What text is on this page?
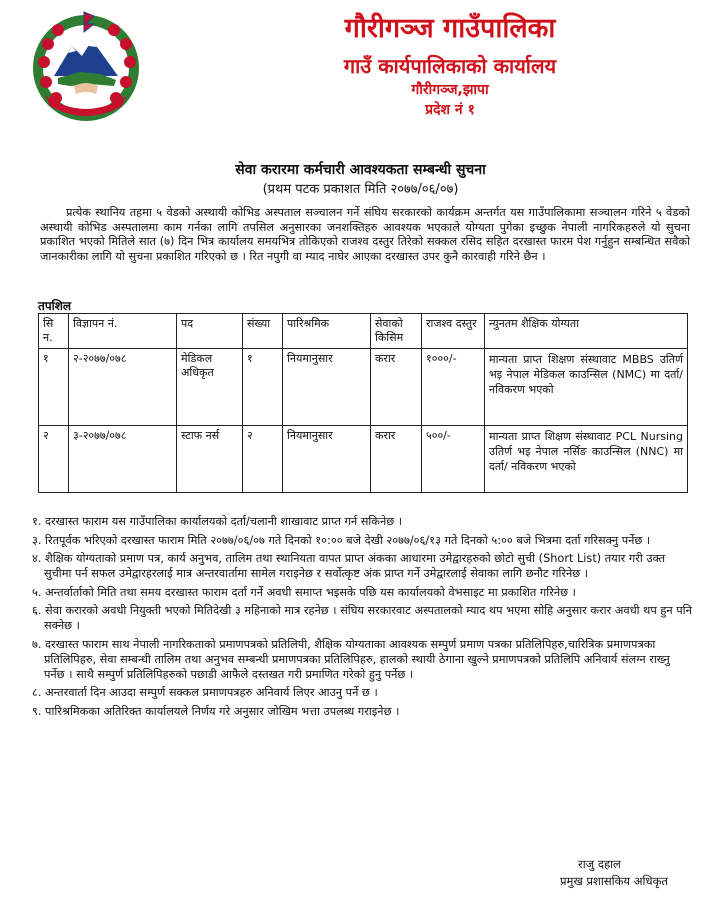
गौरीगञ्ज गाउँपालिका
गाउँ कार्यपालिकाको कार्यालय
गौरीगञ्ज,झापा
प्रदेश नं १
सेवा करारमा कर्मचारी आवश्यकता सम्बन्धी सुचना
(प्रथम पटक प्रकाशत मिति २०७७/०६/०७)

प्रत्येक स्थानिय तहमा ५ वेडको अस्थायी कोभिड अस्पताल सञ्चालन गर्ने संघिय सरकारको कार्यक्रम अन्तर्गत यस गाउँपालिकामा सञ्चालन गरिने ५ वेडको अस्थायी कोभिड अस्पतालमा काम गर्नका लागि तपसिल अनुसारका जनशक्तिहरु आवश्यक भएकाले योग्यता पुगेका इच्छुक नेपाली नागरिकहरुले यो सुचना प्रकाशित भएको मितिले सात (७) दिन भित्र कार्यालय समयभित्र तोकिएको राजश्व दस्तुर तिरेको सक्कल रसिद सहित दरखास्त फारम पेश गर्नुहुन सम्बन्धित सवैको जानकारीका लागि यो सुचना प्रकाशित गरिएको छ । रित नपुगी वा म्याद नाघेर आएका दरखास्त उपर कुनै कारवाही गरिने छैन ।

तपशिल
सि न.	विज्ञापन नं.	पद	संख्या	पारिश्रमिक	सेवाको किसिम	राजश्व दस्तुर	न्युनतम शैक्षिक योग्यता
१	२-२०७७/०७८	मेडिकल अधिकृत	१	नियमानुसार	करार	१०००/-	मान्यता प्राप्त शिक्षण संस्थावाट MBBS उतिर्ण भइ नेपाल मेडिकल काउन्सिल (NMC) मा दर्ता/ नविकरण भएको
२	३-२०७७/०७८	स्टाफ नर्स	२	नियमानुसार	करार	५००/-	मान्यता प्राप्त शिक्षण संस्थावाट PCL Nursing उतिर्ण भइ नेपाल नर्सिङ काउन्सिल (NNC) मा दर्ता/ नविकरण भएको
१. दरखास्त फाराम यस गाउँपालिका कार्यालयको दर्ता/चलानी शाखावाट प्राप्त गर्न सकिनेछ ।
३. रितपूर्वक भरिएको दरखास्त फाराम मिति २०७७/०६/०७ गते दिनको १०:०० बजे देखी २०७७/०६/१३ गते दिनको ५:०० बजे भित्रमा दर्ता गरिसक्नु पर्नेछ ।
४. शैक्षिक योग्यताको प्रमाण पत्र, कार्य अनुभव, तालिम तथा स्थानियता वापत प्राप्त अंकका आधारमा उमेद्वारहरुको छोटो सुची (Short List) तयार गरी उक्त सुचीमा पर्न सफल उमेद्वारहरलाई मात्र अन्तरवार्तामा सामेल गराइनेछ र सर्वोत्कृष्ट अंक प्राप्त गर्ने उमेद्वारलाई सेवाका लागि छनौट गरिनेछ ।
५. अन्तर्वार्ताको मिति तथा समय दरखास्त फाराम दर्ता गर्ने अवधी समाप्त भइसके पछि यस कार्यालयको वेभसाइट मा प्रकाशित गरिनेछ ।
६. सेवा करारको अवधी नियुक्ती भएको मितिदेखी ३ महिनाको मात्र रहनेछ । संघिय सरकारवाट अस्पतालको म्याद थप भएमा सोहि अनुसार करार अवधी थप हुन पनि सक्नेछ ।
७. दरखास्त फाराम साथ नेपाली नागरिकताको प्रमाणपत्रको प्रतिलिपी, शैक्षिक योग्यताका आवश्यक सम्पुर्ण प्रमाण पत्रका प्रतिलिपिहरु,चारित्रिक प्रमाणपत्रका प्रतिलिपिहरु, सेवा सम्बन्धी तालिम तथा अनुभव सम्बन्धी प्रमाणपत्रका प्रतिलिपिहरु, हालको स्थायी ठेगाना खुल्ने प्रमाणपत्रको प्रतिलिपि अनिवार्य संलग्न राख्नु पर्नेछ । साथै सम्पुर्ण प्रतिलिपिहरुको पछाडी आफैले दस्तखत गरी प्रमाणित गरेको हुनु पर्नेछ ।
८. अन्तरवार्ता दिन आउदा सम्पुर्ण सक्कल प्रमाणपत्रहरु अनिवार्य लिएर आउनु पर्ने छ ।
९. पारिश्रमिकका अतिरिक्त कार्यालयले निर्णय गरे अनुसार जोखिम भत्ता उपलब्ध गराइनेछ ।
राजु दहाल
प्रमुख प्रशासकिय अधिकृत
